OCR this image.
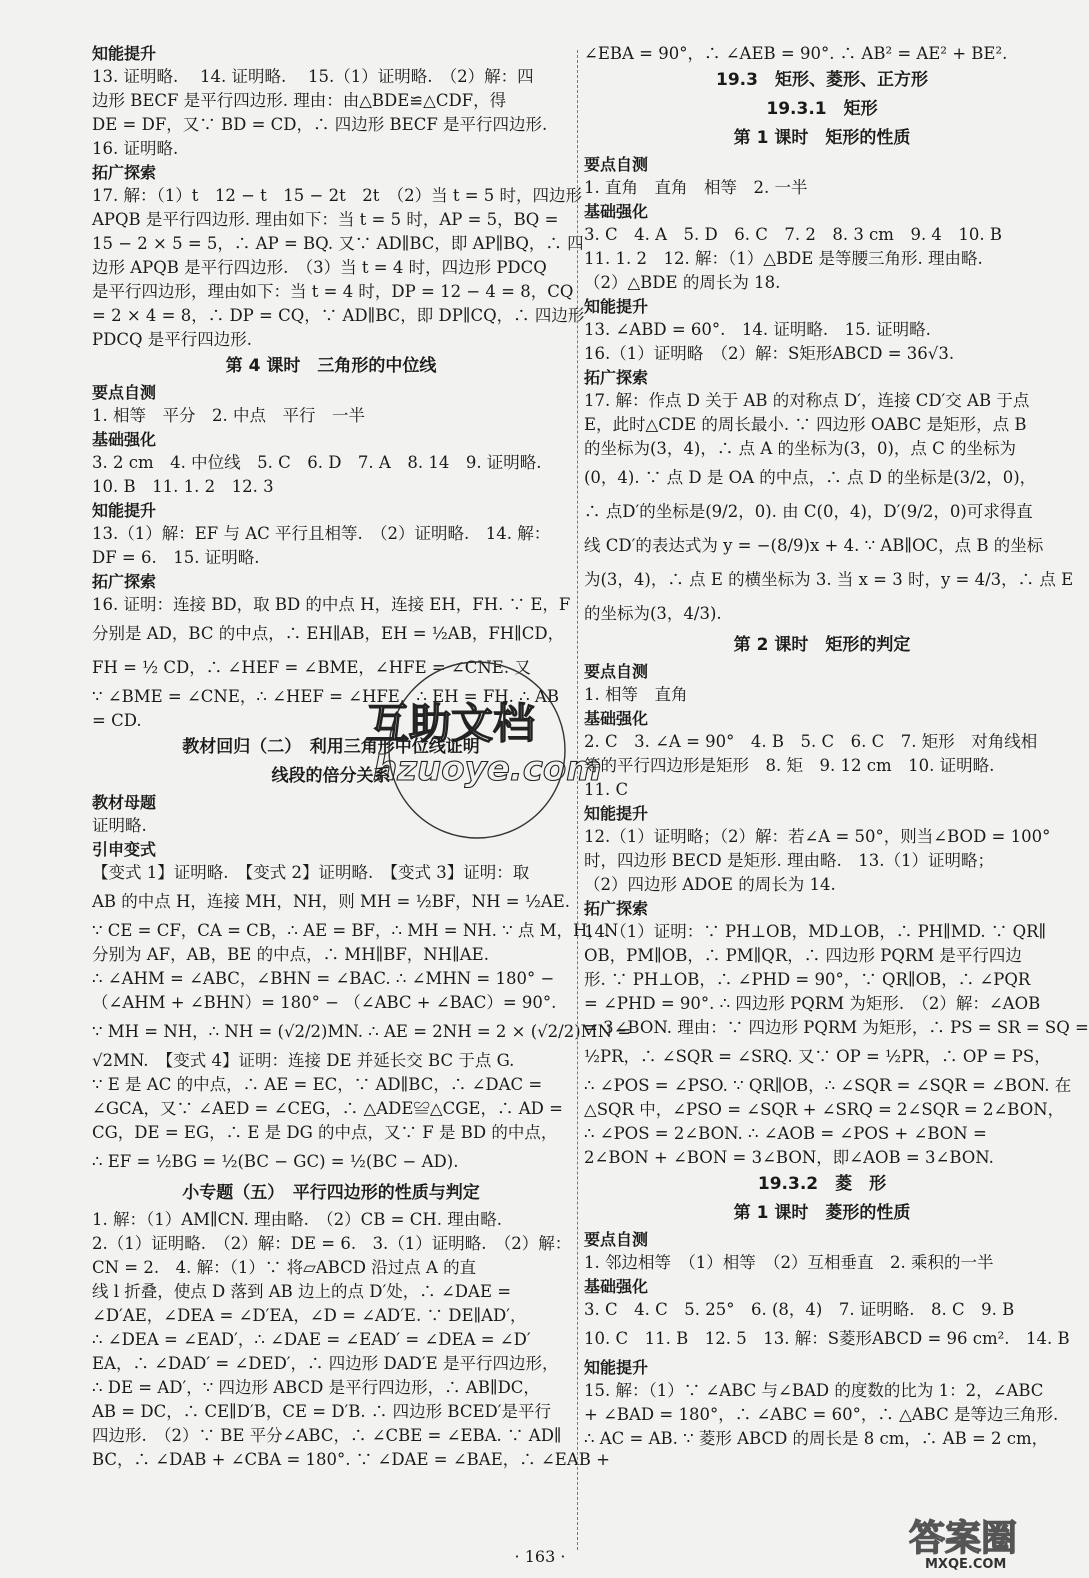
知能提升
13. 证明略.　 14. 证明略.　 15.（1）证明略.　（2）解：四
边形 BECF 是平行四边形. 理由：由△BDE≌△CDF，得
DE = DF，又∵ BD = CD，∴ 四边形 BECF 是平行四边形.
16. 证明略.
拓广探索
17. 解：（1）t　12 − t　15 − 2t　2t　（2）当 t = 5 时，四边形
APQB 是平行四边形. 理由如下：当 t = 5 时，AP = 5，BQ =
15 − 2 × 5 = 5，∴ AP = BQ. 又∵ AD∥BC，即 AP∥BQ，∴ 四
边形 APQB 是平行四边形.　（3）当 t = 4 时，四边形 PDCQ
是平行四边形，理由如下：当 t = 4 时，DP = 12 − 4 = 8，CQ
= 2 × 4 = 8，∴ DP = CQ，∵ AD∥BC，即 DP∥CQ，∴ 四边形
PDCQ 是平行四边形.
第 4 课时　三角形的中位线
要点自测
1. 相等　平分　2. 中点　平行　一半
基础强化
3. 2 cm　4. 中位线　5. C　6. D　7. A　8. 14　9. 证明略.
10. B　11. 1. 2　12. 3
知能提升
13.（1）解：EF 与 AC 平行且相等.　（2）证明略.　14. 解：
DF = 6.　15. 证明略.
拓广探索
16. 证明：连接 BD，取 BD 的中点 H，连接 EH，FH. ∵ E，F
分别是 AD，BC 的中点，∴ EH∥AB，EH = ½AB，FH∥CD，
FH = ½ CD，∴ ∠HEF = ∠BME，∠HFE = ∠CNE. 又
∵ ∠BME = ∠CNE，∴ ∠HEF = ∠HFE，∴ EH = FH. ∴ AB
= CD.
教材回归（二）　利用三角形中位线证明
线段的倍分关系
教材母题
证明略.
引申变式
【变式 1】证明略.　【变式 2】证明略.　【变式 3】证明：取
AB 的中点 H，连接 MH，NH，则 MH = ½BF，NH = ½AE.
∵ CE = CF，CA = CB，∴ AE = BF，∴ MH = NH. ∵ 点 M，H，N
分别为 AF，AB，BE 的中点，∴ MH∥BF，NH∥AE.
∴ ∠AHM = ∠ABC，∠BHN = ∠BAC. ∴ ∠MHN = 180° −
（∠AHM + ∠BHN）= 180° − （∠ABC + ∠BAC）= 90°.
∵ MH = NH，∴ NH = (√2/2)MN. ∴ AE = 2NH = 2 × (√2/2)MN =
√2MN.　【变式 4】证明：连接 DE 并延长交 BC 于点 G.
∵ E 是 AC 的中点，∴ AE = EC，∵ AD∥BC，∴ ∠DAC =
∠GCA，又∵ ∠AED = ∠CEG，∴ △ADE≌△CGE，∴ AD =
CG，DE = EG，∴ E 是 DG 的中点，又∵ F 是 BD 的中点，
∴ EF = ½BG = ½(BC − GC) = ½(BC − AD).
小专题（五）　平行四边形的性质与判定
1. 解：（1）AM∥CN. 理由略.　（2）CB = CH. 理由略.
2.（1）证明略.　（2）解：DE = 6.　3.（1）证明略.　（2）解：
CN = 2.　4. 解：（1）∵ 将▱ABCD 沿过点 A 的直
线 l 折叠，使点 D 落到 AB 边上的点 D′处，∴ ∠DAE =
∠D′AE，∠DEA = ∠D′EA，∠D = ∠AD′E. ∵ DE∥AD′，
∴ ∠DEA = ∠EAD′，∴ ∠DAE = ∠EAD′ = ∠DEA = ∠D′
EA，∴ ∠DAD′ = ∠DED′，∴ 四边形 DAD′E 是平行四边形，
∴ DE = AD′，∵ 四边形 ABCD 是平行四边形，∴ AB∥DC，
AB = DC，∴ CE∥D′B，CE = D′B. ∴ 四边形 BCED′是平行
四边形.　（2）∵ BE 平分∠ABC，∴ ∠CBE = ∠EBA. ∵ AD∥
BC，∴ ∠DAB + ∠CBA = 180°. ∵ ∠DAE = ∠BAE，∴ ∠EAB +
∠EBA = 90°，∴ ∠AEB = 90°. ∴ AB² = AE² + BE².
19.3　矩形、菱形、正方形
19.3.1　矩形
第 1 课时　矩形的性质
要点自测
1. 直角　直角　相等　2. 一半
基础强化
3. C　4. A　5. D　6. C　7. 2　8. 3 cm　9. 4　10. B
11. 1. 2　12. 解：（1）△BDE 是等腰三角形. 理由略.
（2）△BDE 的周长为 18.
知能提升
13. ∠ABD = 60°.　14. 证明略.　15. 证明略.
16.（1）证明略　（2）解：S矩形ABCD = 36√3.
拓广探索
17. 解：作点 D 关于 AB 的对称点 D′，连接 CD′交 AB 于点
E，此时△CDE 的周长最小. ∵ 四边形 OABC 是矩形，点 B
的坐标为(3，4)，∴ 点 A 的坐标为(3，0)，点 C 的坐标为
(0，4). ∵ 点 D 是 OA 的中点，∴ 点 D 的坐标是(3/2，0)，
∴ 点D′的坐标是(9/2，0). 由 C(0，4)，D′(9/2，0)可求得直
线 CD′的表达式为 y = −(8/9)x + 4. ∵ AB∥OC，点 B 的坐标
为(3，4)，∴ 点 E 的横坐标为 3. 当 x = 3 时，y = 4/3，∴ 点 E
的坐标为(3，4/3).
第 2 课时　矩形的判定
要点自测
1. 相等　直角
基础强化
2. C　3. ∠A = 90°　4. B　5. C　6. C　7. 矩形　对角线相
等的平行四边形是矩形　8. 矩　9. 12 cm　10. 证明略.
11. C
知能提升
12.（1）证明略；（2）解：若∠A = 50°，则当∠BOD = 100°
时，四边形 BECD 是矩形. 理由略.　13.（1）证明略；
（2）四边形 ADOE 的周长为 14.
拓广探索
14.（1）证明：∵ PH⊥OB，MD⊥OB，∴ PH∥MD. ∵ QR∥
OB，PM∥OB，∴ PM∥QR，∴ 四边形 PQRM 是平行四边
形. ∵ PH⊥OB，∴ ∠PHD = 90°，∵ QR∥OB，∴ ∠PQR
= ∠PHD = 90°. ∴ 四边形 PQRM 为矩形.　（2）解：∠AOB
= 3∠BON. 理由：∵ 四边形 PQRM 为矩形，∴ PS = SR = SQ =
½PR，∴ ∠SQR = ∠SRQ. 又∵ OP = ½PR，∴ OP = PS，
∴ ∠POS = ∠PSO. ∵ QR∥OB，∴ ∠SQR = ∠SQR = ∠BON. 在
△SQR 中，∠PSO = ∠SQR + ∠SRQ = 2∠SQR = 2∠BON，
∴ ∠POS = 2∠BON. ∴ ∠AOB = ∠POS + ∠BON =
2∠BON + ∠BON = 3∠BON，即∠AOB = 3∠BON.
19.3.2　菱　形
第 1 课时　菱形的性质
要点自测
1. 邻边相等　（1）相等　（2）互相垂直　2. 乘积的一半
基础强化
3. C　4. C　5. 25°　6. (8，4)　7. 证明略.　8. C　9. B
10. C　11. B　12. 5　13. 解：S菱形ABCD = 96 cm².　14. B
知能提升
15. 解：（1）∵ ∠ABC 与∠BAD 的度数的比为 1：2，∠ABC
+ ∠BAD = 180°，∴ ∠ABC = 60°，∴ △ABC 是等边三角形.
∴ AC = AB. ∵ 菱形 ABCD 的周长是 8 cm，∴ AB = 2 cm，
· 163 ·
互助文档
hzuoye.com
答案圈
MXQE.COM
